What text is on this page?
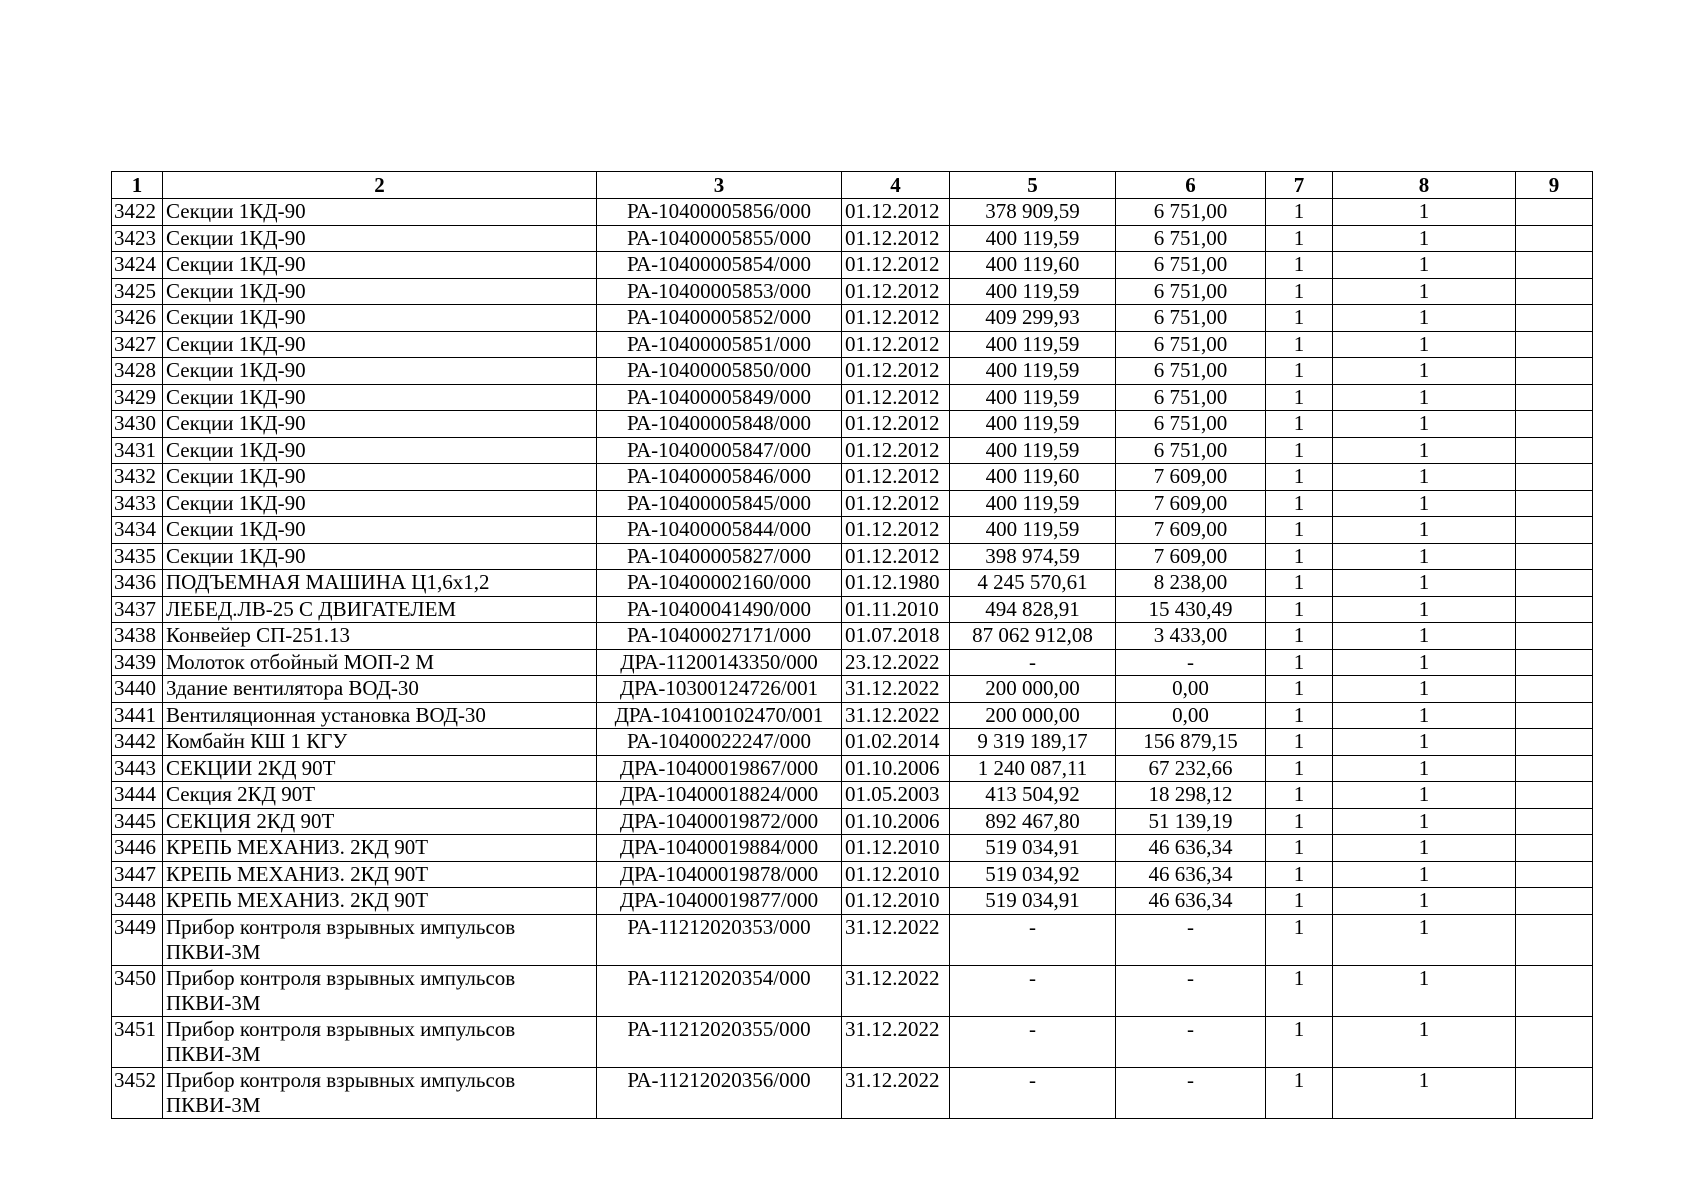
1	2	3	4	5	6	7	8	9
3422	Секции 1КД-90	РА-10400005856/000	01.12.2012	378 909,59	6 751,00	1	1	
3423	Секции 1КД-90	РА-10400005855/000	01.12.2012	400 119,59	6 751,00	1	1	
3424	Секции 1КД-90	РА-10400005854/000	01.12.2012	400 119,60	6 751,00	1	1	
3425	Секции 1КД-90	РА-10400005853/000	01.12.2012	400 119,59	6 751,00	1	1	
3426	Секции 1КД-90	РА-10400005852/000	01.12.2012	409 299,93	6 751,00	1	1	
3427	Секции 1КД-90	РА-10400005851/000	01.12.2012	400 119,59	6 751,00	1	1	
3428	Секции 1КД-90	РА-10400005850/000	01.12.2012	400 119,59	6 751,00	1	1	
3429	Секции 1КД-90	РА-10400005849/000	01.12.2012	400 119,59	6 751,00	1	1	
3430	Секции 1КД-90	РА-10400005848/000	01.12.2012	400 119,59	6 751,00	1	1	
3431	Секции 1КД-90	РА-10400005847/000	01.12.2012	400 119,59	6 751,00	1	1	
3432	Секции 1КД-90	РА-10400005846/000	01.12.2012	400 119,60	7 609,00	1	1	
3433	Секции 1КД-90	РА-10400005845/000	01.12.2012	400 119,59	7 609,00	1	1	
3434	Секции 1КД-90	РА-10400005844/000	01.12.2012	400 119,59	7 609,00	1	1	
3435	Секции 1КД-90	РА-10400005827/000	01.12.2012	398 974,59	7 609,00	1	1	
3436	ПОДЪЕМНАЯ МАШИНА Ц1,6х1,2	РА-10400002160/000	01.12.1980	4 245 570,61	8 238,00	1	1	
3437	ЛЕБЕД.ЛВ-25 С ДВИГАТЕЛЕМ	РА-10400041490/000	01.11.2010	494 828,91	15 430,49	1	1	
3438	Конвейер СП-251.13	РА-10400027171/000	01.07.2018	87 062 912,08	3 433,00	1	1	
3439	Молоток отбойный МОП-2 М	ДРА-11200143350/000	23.12.2022	-	-	1	1	
3440	Здание вентилятора ВОД-30	ДРА-10300124726/001	31.12.2022	200 000,00	0,00	1	1	
3441	Вентиляционная установка ВОД-30	ДРА-104100102470/001	31.12.2022	200 000,00	0,00	1	1	
3442	Комбайн КШ 1 КГУ	РА-10400022247/000	01.02.2014	9 319 189,17	156 879,15	1	1	
3443	СЕКЦИИ 2КД 90Т	ДРА-10400019867/000	01.10.2006	1 240 087,11	67 232,66	1	1	
3444	Секция 2КД 90Т	ДРА-10400018824/000	01.05.2003	413 504,92	18 298,12	1	1	
3445	СЕКЦИЯ 2КД 90Т	ДРА-10400019872/000	01.10.2006	892 467,80	51 139,19	1	1	
3446	КРЕПЬ МЕХАНИЗ. 2КД 90Т	ДРА-10400019884/000	01.12.2010	519 034,91	46 636,34	1	1	
3447	КРЕПЬ МЕХАНИЗ. 2КД 90Т	ДРА-10400019878/000	01.12.2010	519 034,92	46 636,34	1	1	
3448	КРЕПЬ МЕХАНИЗ. 2КД 90Т	ДРА-10400019877/000	01.12.2010	519 034,91	46 636,34	1	1	
3449	Прибор контроля взрывных импульсов ПКВИ-3М	РА-11212020353/000	31.12.2022	-	-	1	1	
3450	Прибор контроля взрывных импульсов ПКВИ-3М	РА-11212020354/000	31.12.2022	-	-	1	1	
3451	Прибор контроля взрывных импульсов ПКВИ-3М	РА-11212020355/000	31.12.2022	-	-	1	1	
3452	Прибор контроля взрывных импульсов ПКВИ-3М	РА-11212020356/000	31.12.2022	-	-	1	1	
